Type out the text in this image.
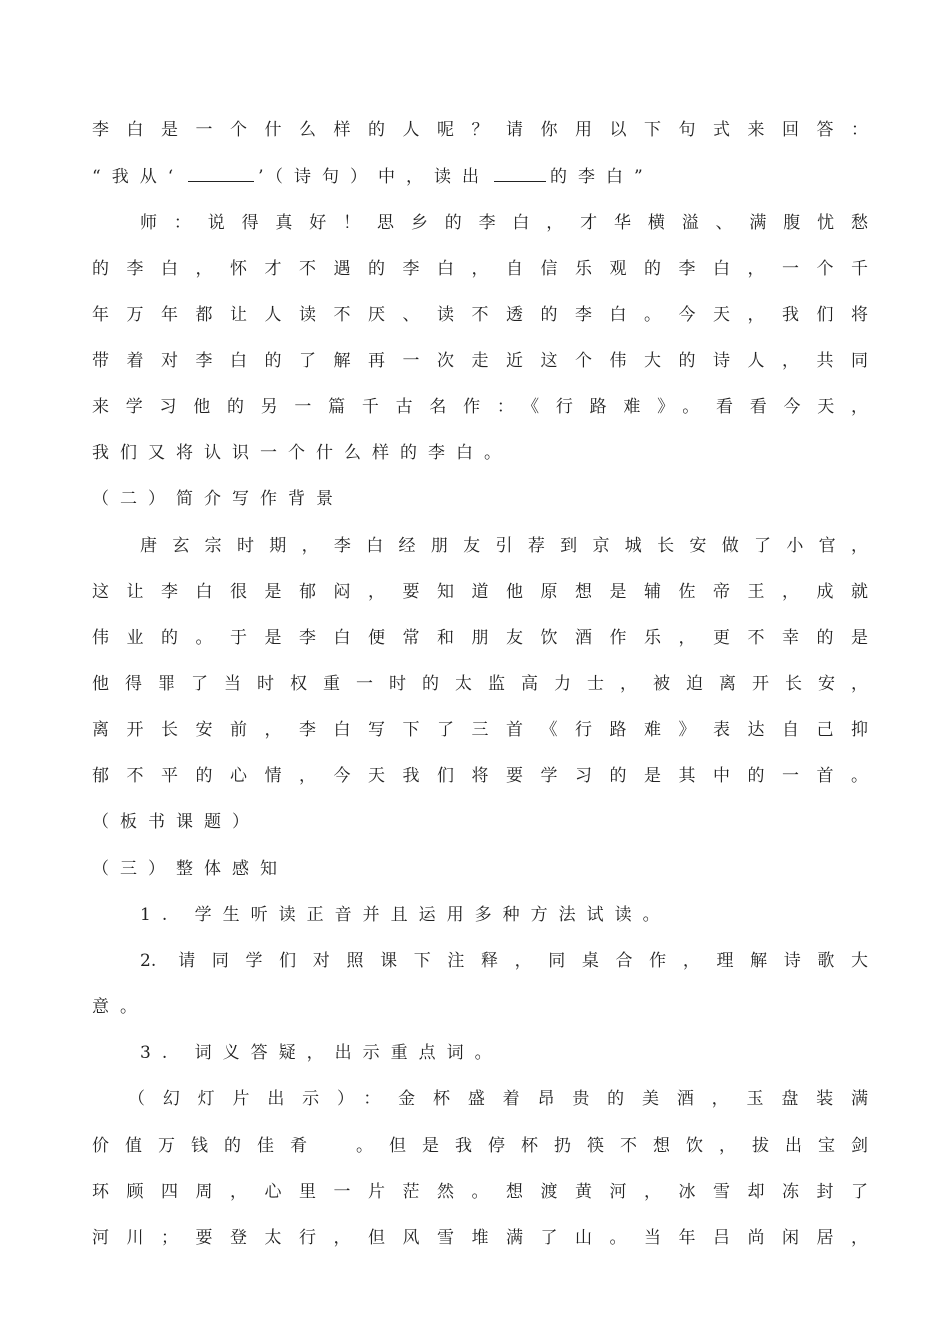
李白是一个什么样的人呢？请你用以下句式来回答：
“我从‘	’（诗句）中，读出	的李白”
师：说得真好！思乡的李白，才华横溢、满腹忧愁
的李白，怀才不遇的李白，自信乐观的李白，一个千
年万年都让人读不厌、读不透的李白。今天，我们将
带着对李白的了解再一次走近这个伟大的诗人，共同
来学习他的另一篇千古名作：《行路难》。看看今天，
我们又将认识一个什么样的李白。
（二）简介写作背景
唐玄宗时期，李白经朋友引荐到京城长安做了小官，
这让李白很是郁闷，要知道他原想是辅佐帝王，成就
伟业的。于是李白便常和朋友饮酒作乐，更不幸的是
他得罪了当时权重一时的太监高力士，被迫离开长安，
离开长安前，李白写下了三首《行路难》表达自己抑
郁不平的心情，今天我们将要学习的是其中的一首。
（板书课题）
（三）整体感知
1. 学生听读正音并且运用多种方法试读。
2. 请同学们对照课下注释，同桌合作，理解诗歌大
意。
3. 词义答疑，出示重点词。
（幻灯片出示）：金杯盛着昂贵的美酒，玉盘装满
价值万钱的佳肴　。但是我停杯扔筷不想饮，拔出宝剑
环顾四周，心里一片茫然。想渡黄河，冰雪却冻封了
河川；要登太行，但风雪堆满了山。当年吕尚闲居，
